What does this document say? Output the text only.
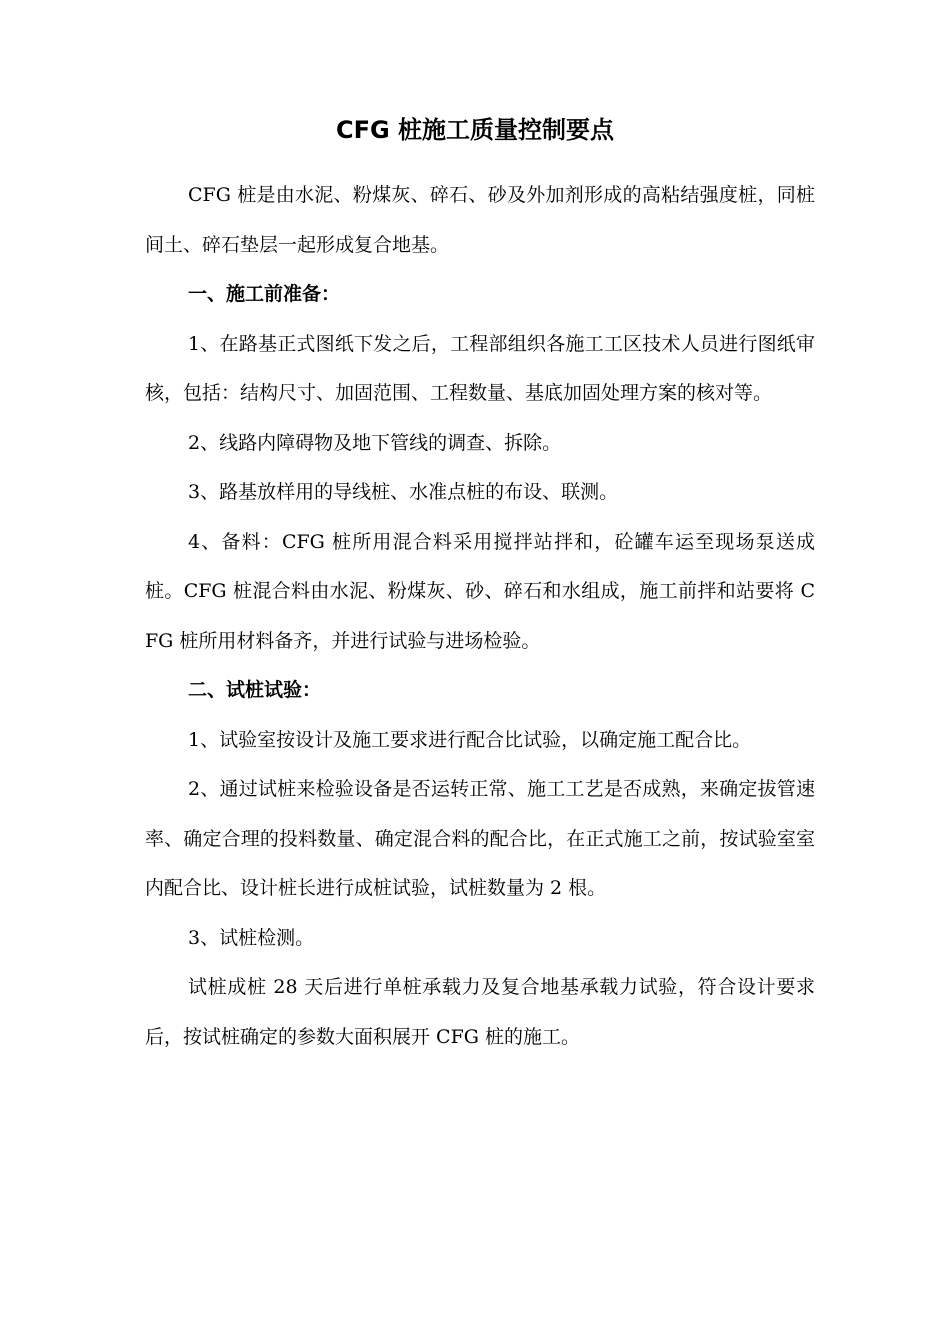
CFG 桩施工质量控制要点

CFG 桩是由水泥、粉煤灰、碎石、砂及外加剂形成的高粘结强度桩，同桩间土、碎石垫层一起形成复合地基。

一、施工前准备：

1、在路基正式图纸下发之后，工程部组织各施工工区技术人员进行图纸审核，包括：结构尺寸、加固范围、工程数量、基底加固处理方案的核对等。

2、线路内障碍物及地下管线的调查、拆除。

3、路基放样用的导线桩、水准点桩的布设、联测。

4、备料：CFG 桩所用混合料采用搅拌站拌和，砼罐车运至现场泵送成桩。CFG 桩混合料由水泥、粉煤灰、砂、碎石和水组成，施工前拌和站要将 CFG 桩所用材料备齐，并进行试验与进场检验。

二、试桩试验：

1、试验室按设计及施工要求进行配合比试验，以确定施工配合比。

2、通过试桩来检验设备是否运转正常、施工工艺是否成熟，来确定拔管速率、确定合理的投料数量、确定混合料的配合比，在正式施工之前，按试验室室内配合比、设计桩长进行成桩试验，试桩数量为 2 根。

3、试桩检测。

试桩成桩 28 天后进行单桩承载力及复合地基承载力试验，符合设计要求后，按试桩确定的参数大面积展开 CFG 桩的施工。
